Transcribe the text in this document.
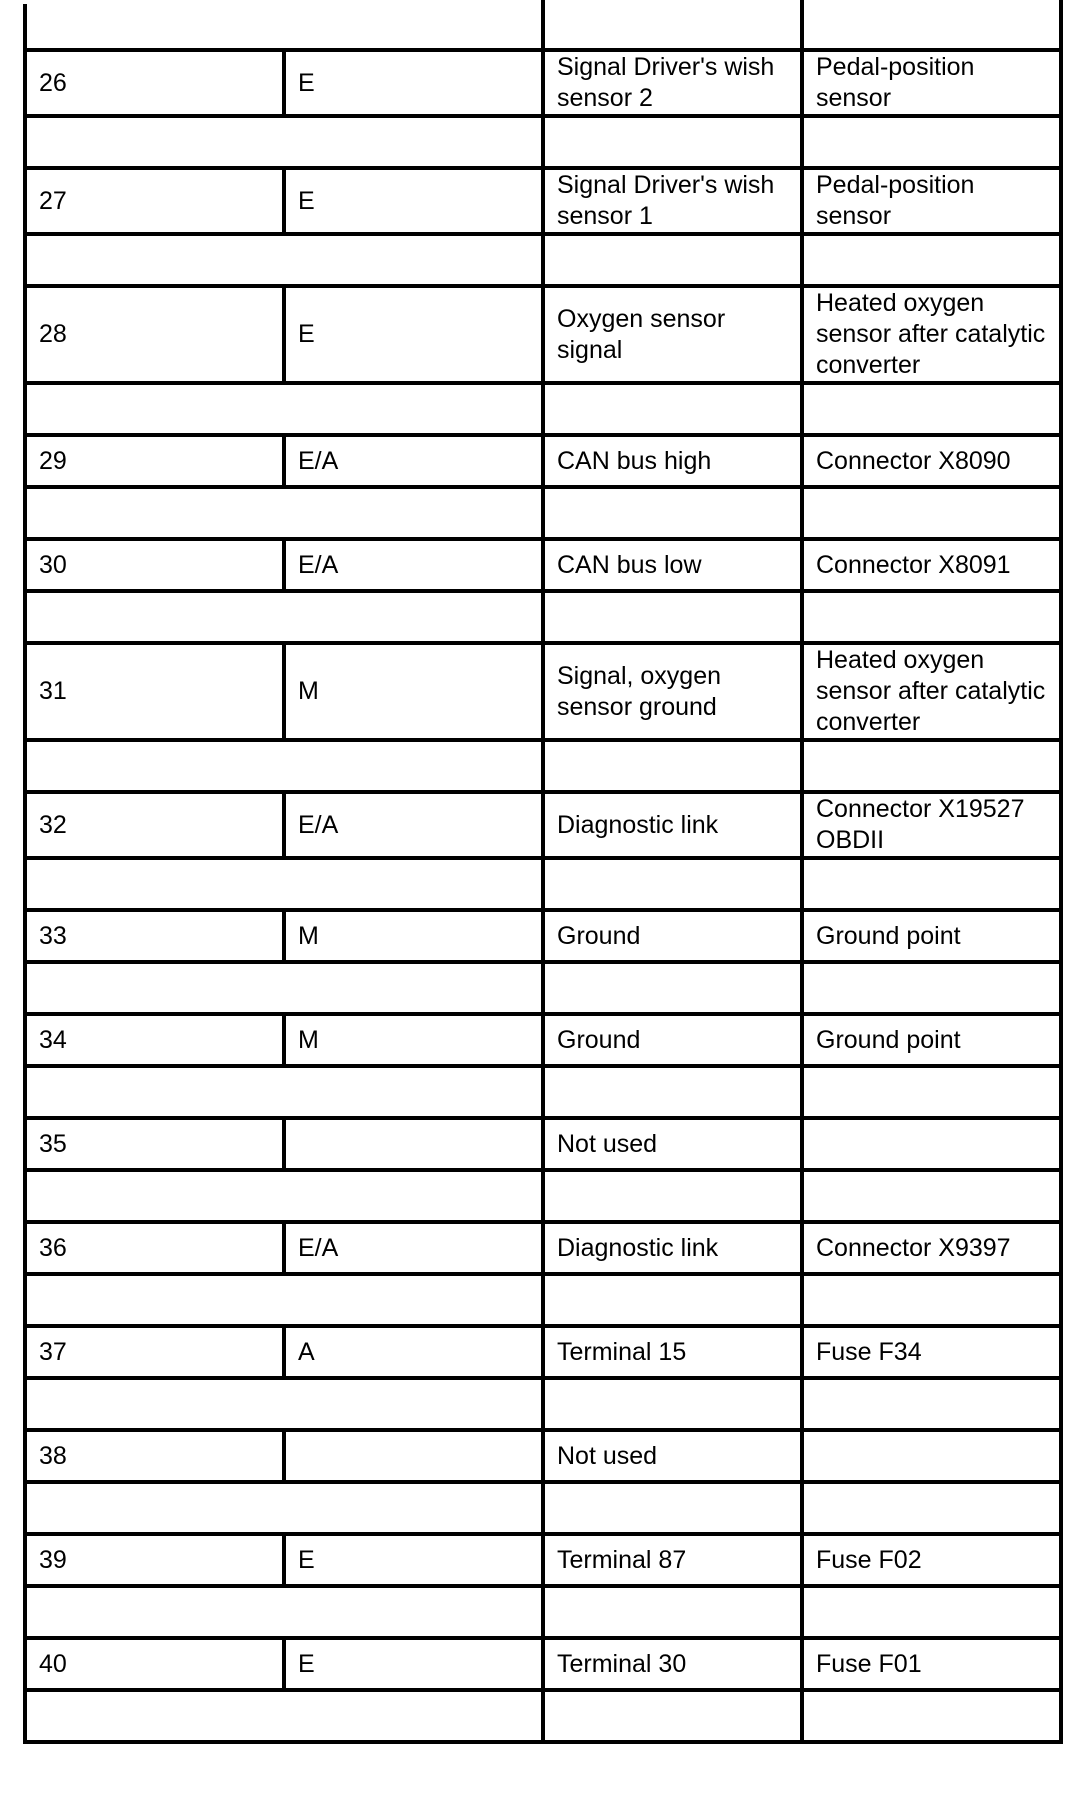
26	E	Signal Driver's wish sensor 2	Pedal-position sensor

27	E	Signal Driver's wish sensor 1	Pedal-position sensor

28	E	Oxygen sensor signal	Heated oxygen sensor after catalytic converter

29	E/A	CAN bus high	Connector X8090

30	E/A	CAN bus low	Connector X8091

31	M	Signal, oxygen sensor ground	Heated oxygen sensor after catalytic converter

32	E/A	Diagnostic link	Connector X19527 OBDII

33	M	Ground	Ground point

34	M	Ground	Ground point

35		Not used	

36	E/A	Diagnostic link	Connector X9397

37	A	Terminal 15	Fuse F34

38		Not used	

39	E	Terminal 87	Fuse F02

40	E	Terminal 30	Fuse F01
